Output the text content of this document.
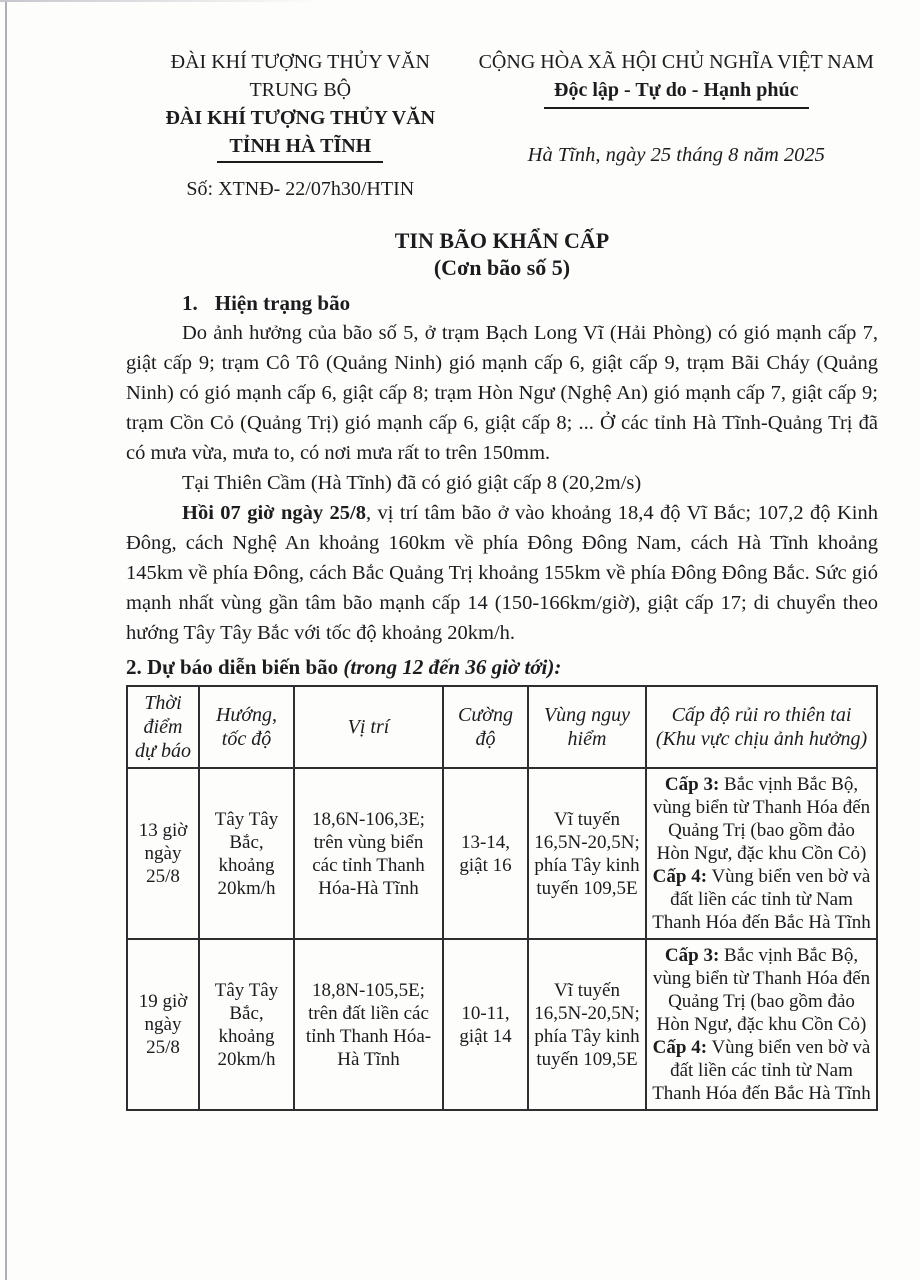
ĐÀI KHÍ TƯỢNG THỦY VĂN
TRUNG BỘ
ĐÀI KHÍ TƯỢNG THỦY VĂN
TỈNH HÀ TĨNH
Số: XTNĐ- 22/07h30/HTIN
CỘNG HÒA XÃ HỘI CHỦ NGHĨA VIỆT NAM
Độc lập - Tự do - Hạnh phúc
Hà Tĩnh, ngày 25 tháng 8 năm 2025
TIN BÃO KHẨN CẤP
(Cơn bão số 5)
1. Hiện trạng bão

Do ảnh hưởng của bão số 5, ở trạm Bạch Long Vĩ (Hải Phòng) có gió mạnh cấp 7, giật cấp 9; trạm Cô Tô (Quảng Ninh) gió mạnh cấp 6, giật cấp 9, trạm Bãi Cháy (Quảng Ninh) có gió mạnh cấp 6, giật cấp 8; trạm Hòn Ngư (Nghệ An) gió mạnh cấp 7, giật cấp 9; trạm Cồn Cỏ (Quảng Trị) gió mạnh cấp 6, giật cấp 8; ... Ở các tỉnh Hà Tĩnh-Quảng Trị đã có mưa vừa, mưa to, có nơi mưa rất to trên 150mm.

Tại Thiên Cầm (Hà Tĩnh) đã có gió giật cấp 8 (20,2m/s)

Hồi 07 giờ ngày 25/8, vị trí tâm bão ở vào khoảng 18,4 độ Vĩ Bắc; 107,2 độ Kinh Đông, cách Nghệ An khoảng 160km về phía Đông Đông Nam, cách Hà Tĩnh khoảng 145km về phía Đông, cách Bắc Quảng Trị khoảng 155km về phía Đông Đông Bắc. Sức gió mạnh nhất vùng gần tâm bão mạnh cấp 14 (150-166km/giờ), giật cấp 17; di chuyển theo hướng Tây Tây Bắc với tốc độ khoảng 20km/h.

2. Dự báo diễn biến bão (trong 12 đến 36 giờ tới):
Thời điểm dự báo	Hướng, tốc độ	Vị trí	Cường độ	Vùng nguy hiểm	Cấp độ rủi ro thiên tai (Khu vực chịu ảnh hưởng)
13 giờ ngày 25/8	Tây Tây Bắc, khoảng 20km/h	18,6N-106,3E; trên vùng biển các tỉnh Thanh Hóa-Hà Tĩnh	13-14, giật 16	Vĩ tuyến 16,5N-20,5N; phía Tây kinh tuyến 109,5E	Cấp 3: Bắc vịnh Bắc Bộ, vùng biển từ Thanh Hóa đến Quảng Trị (bao gồm đảo Hòn Ngư, đặc khu Cồn Cỏ)
Cấp 4: Vùng biển ven bờ và đất liền các tỉnh từ Nam Thanh Hóa đến Bắc Hà Tĩnh

19 giờ ngày 25/8	Tây Tây Bắc, khoảng 20km/h	18,8N-105,5E; trên đất liền các tỉnh Thanh Hóa-Hà Tĩnh	10-11, giật 14	Vĩ tuyến 16,5N-20,5N; phía Tây kinh tuyến 109,5E	Cấp 3: Bắc vịnh Bắc Bộ, vùng biển từ Thanh Hóa đến Quảng Trị (bao gồm đảo Hòn Ngư, đặc khu Cồn Cỏ)
Cấp 4: Vùng biển ven bờ và đất liền các tỉnh từ Nam Thanh Hóa đến Bắc Hà Tĩnh
